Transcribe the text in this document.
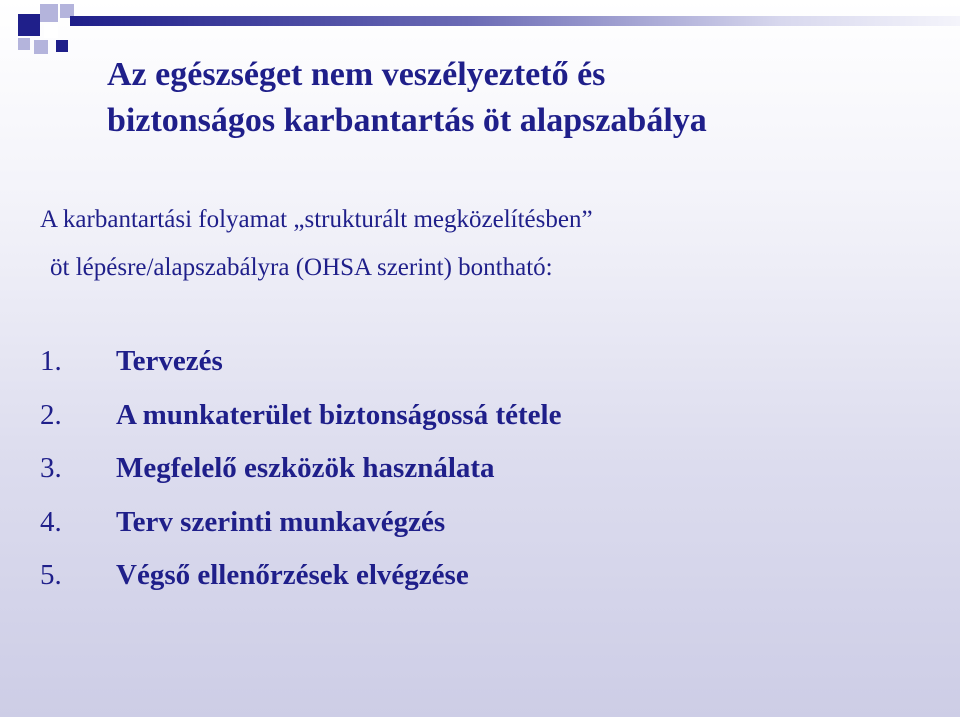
Az egészséget nem veszélyeztető és
biztonságos karbantartás öt alapszabálya

A karbantartási folyamat „strukturált megközelítésben”
öt lépésre/alapszabályra (OHSA szerint) bontható:

1.	Tervezés
2.	A munkaterület biztonságossá tétele
3.	Megfelelő eszközök használata
4.	Terv szerinti munkavégzés
5.	Végső ellenőrzések elvégzése
